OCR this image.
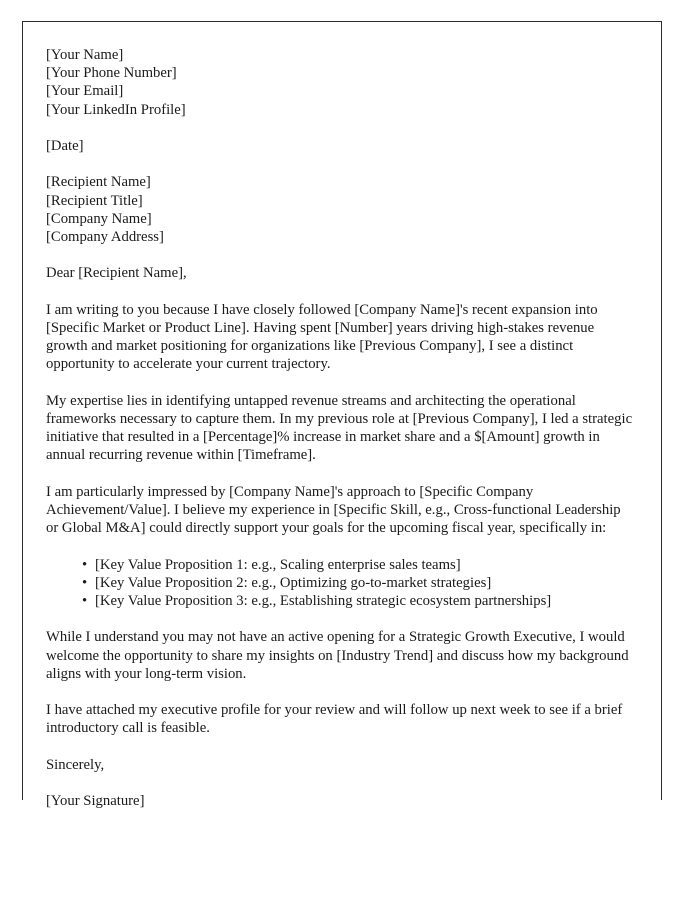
[Your Name]
[Your Phone Number]
[Your Email]
[Your LinkedIn Profile]
[Date]
[Recipient Name]
[Recipient Title]
[Company Name]
[Company Address]

Dear [Recipient Name],

I am writing to you because I have closely followed [Company Name]'s recent expansion into [Specific Market or Product Line]. Having spent [Number] years driving high-stakes revenue growth and market positioning for organizations like [Previous Company], I see a distinct opportunity to accelerate your current trajectory.

My expertise lies in identifying untapped revenue streams and architecting the operational frameworks necessary to capture them. In my previous role at [Previous Company], I led a strategic initiative that resulted in a [Percentage]% increase in market share and a $[Amount] growth in annual recurring revenue within [Timeframe].

I am particularly impressed by [Company Name]'s approach to [Specific Company Achievement/Value]. I believe my experience in [Specific Skill, e.g., Cross-functional Leadership or Global M&A] could directly support your goals for the upcoming fiscal year, specifically in:

• [Key Value Proposition 1: e.g., Scaling enterprise sales teams]
• [Key Value Proposition 2: e.g., Optimizing go-to-market strategies]
• [Key Value Proposition 3: e.g., Establishing strategic ecosystem partnerships]

While I understand you may not have an active opening for a Strategic Growth Executive, I would welcome the opportunity to share my insights on [Industry Trend] and discuss how my background aligns with your long-term vision.

I have attached my executive profile for your review and will follow up next week to see if a brief introductory call is feasible.

Sincerely,

[Your Signature]
